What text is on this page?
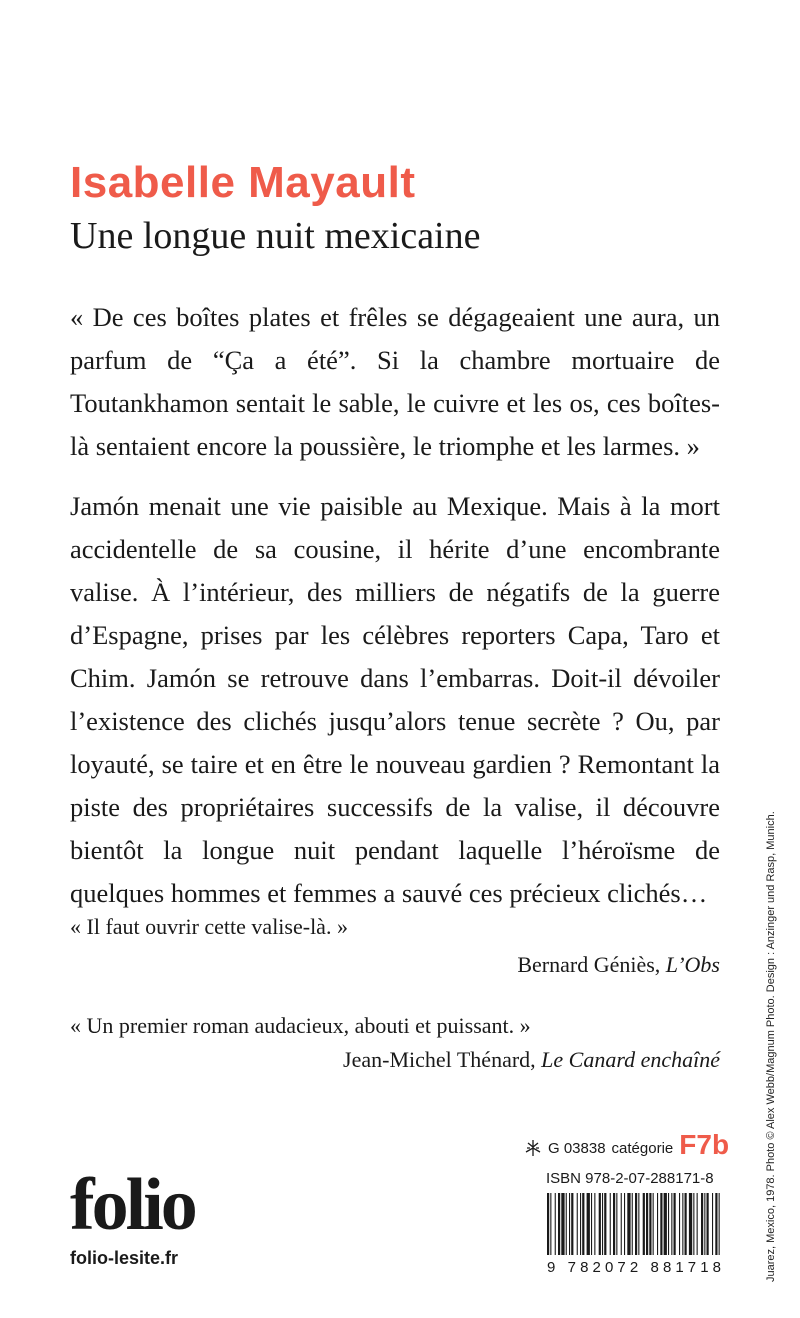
Isabelle Mayault
Une longue nuit mexicaine

« De ces boîtes plates et frêles se dégageaient une aura, un parfum de “Ça a été”. Si la chambre mortuaire de Toutankhamon sentait le sable, le cuivre et les os, ces boîtes-là sentaient encore la poussière, le triomphe et les larmes. »

Jamón menait une vie paisible au Mexique. Mais à la mort accidentelle de sa cousine, il hérite d’une encombrante valise. À l’intérieur, des milliers de négatifs de la guerre d’Espagne, prises par les célèbres reporters Capa, Taro et Chim. Jamón se retrouve dans l’embarras. Doit-il dévoiler l’existence des clichés jusqu’alors tenue secrète ? Ou, par loyauté, se taire et en être le nouveau gardien ? Remontant la piste des propriétaires successifs de la valise, il découvre bientôt la longue nuit pendant laquelle l’héroïsme de quelques hommes et femmes a sauvé ces précieux clichés…

« Il faut ouvrir cette valise-là. »

Bernard Géniès, L’Obs

« Un premier roman audacieux, abouti et puissant. »

Jean-Michel Thénard, Le Canard enchaîné

G 03838 catégorie F7b
ISBN 978-2-07-288171-8
folio
folio-lesite.fr	9 782072 881718	Juarez, Mexico, 1978. Photo © Alex Webb/Magnum Photo. Design : Anzinger und Rasp, Munich.
